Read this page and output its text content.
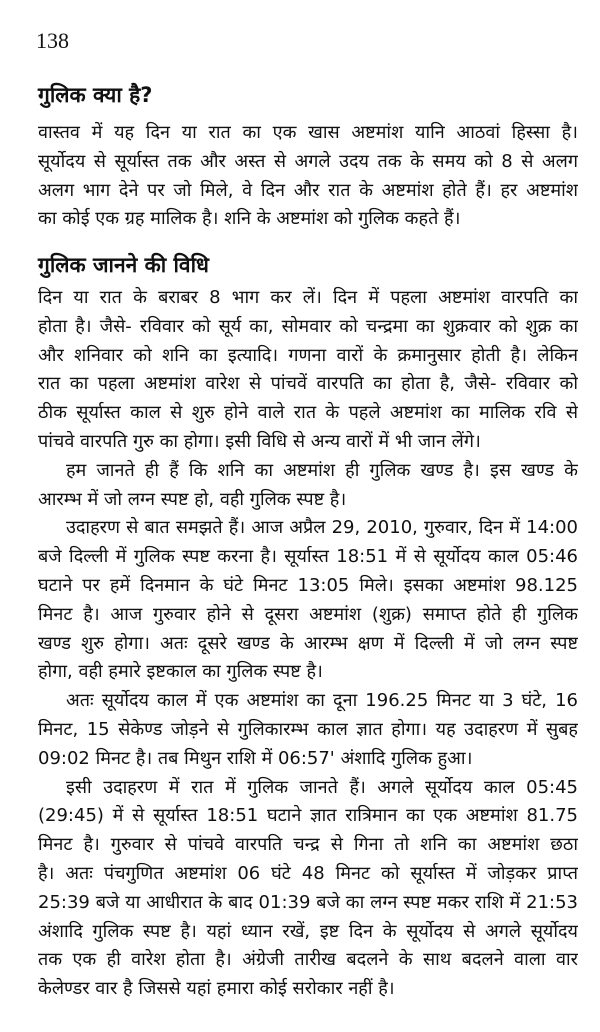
138
गुलिक क्या है?
वास्तव में यह दिन या रात का एक खास अष्टमांश यानि आठवां हिस्सा है।
सूर्योदय से सूर्यास्त तक और अस्त से अगले उदय तक के समय को 8 से अलग
अलग भाग देने पर जो मिले, वे दिन और रात के अष्टमांश होते हैं। हर अष्टमांश
का कोई एक ग्रह मालिक है। शनि के अष्टमांश को गुलिक कहते हैं।
गुलिक जानने की विधि
दिन या रात के बराबर 8 भाग कर लें। दिन में पहला अष्टमांश वारपति का
होता है। जैसे- रविवार को सूर्य का, सोमवार को चन्द्रमा का शुक्रवार को शुक्र का
और शनिवार को शनि का इत्यादि। गणना वारों के क्रमानुसार होती है। लेकिन
रात का पहला अष्टमांश वारेश से पांचवें वारपति का होता है, जैसे- रविवार को
ठीक सूर्यास्त काल से शुरु होने वाले रात के पहले अष्टमांश का मालिक रवि से
पांचवे वारपति गुरु का होगा। इसी विधि से अन्य वारों में भी जान लेंगे।
हम जानते ही हैं कि शनि का अष्टमांश ही गुलिक खण्ड है। इस खण्ड के
आरम्भ में जो लग्न स्पष्ट हो, वही गुलिक स्पष्ट है।
उदाहरण से बात समझते हैं। आज अप्रैल 29, 2010, गुरुवार, दिन में 14:00
बजे दिल्ली में गुलिक स्पष्ट करना है। सूर्यास्त 18:51 में से सूर्योदय काल 05:46
घटाने पर हमें दिनमान के घंटे मिनट 13:05 मिले। इसका अष्टमांश 98.125
मिनट है। आज गुरुवार होने से दूसरा अष्टमांश (शुक्र) समाप्त होते ही गुलिक
खण्ड शुरु होगा। अतः दूसरे खण्ड के आरम्भ क्षण में दिल्ली में जो लग्न स्पष्ट
होगा, वही हमारे इष्टकाल का गुलिक स्पष्ट है।
अतः सूर्योदय काल में एक अष्टमांश का दूना 196.25 मिनट या 3 घंटे, 16
मिनट, 15 सेकेण्ड जोड़ने से गुलिकारम्भ काल ज्ञात होगा। यह उदाहरण में सुबह
09:02 मिनट है। तब मिथुन राशि में 06:57' अंशादि गुलिक हुआ।
इसी उदाहरण में रात में गुलिक जानते हैं। अगले सूर्योदय काल 05:45
(29:45) में से सूर्यास्त 18:51 घटाने ज्ञात रात्रिमान का एक अष्टमांश 81.75
मिनट है। गुरुवार से पांचवे वारपति चन्द्र से गिना तो शनि का अष्टमांश छठा
है। अतः पंचगुणित अष्टमांश 06 घंटे 48 मिनट को सूर्यास्त में जोड़कर प्राप्त
25:39 बजे या आधीरात के बाद 01:39 बजे का लग्न स्पष्ट मकर राशि में 21:53
अंशादि गुलिक स्पष्ट है। यहां ध्यान रखें, इष्ट दिन के सूर्योदय से अगले सूर्योदय
तक एक ही वारेश होता है। अंग्रेजी तारीख बदलने के साथ बदलने वाला वार
केलेण्डर वार है जिससे यहां हमारा कोई सरोकार नहीं है।
